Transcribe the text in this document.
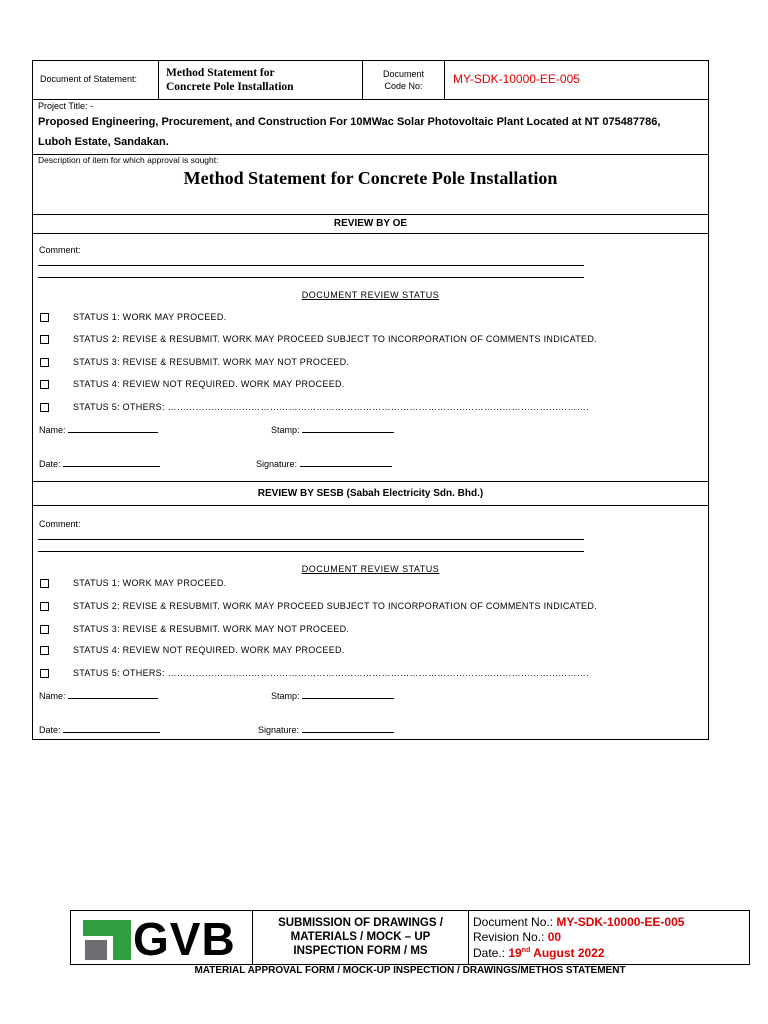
Document of Statement:	Method Statement for
Concrete Pole Installation
Document
Code No:	MY-SDK-10000-EE-005
Project Title: -
Proposed Engineering, Procurement, and Construction For 10MWac Solar Photovoltaic Plant Located at NT 075487786,
Luboh Estate, Sandakan.
Description of item for which approval is sought:
Method Statement for Concrete Pole Installation
REVIEW BY OE
Comment:
DOCUMENT REVIEW STATUS
STATUS 1: WORK MAY PROCEED.
STATUS 2: REVISE & RESUBMIT. WORK MAY PROCEED SUBJECT TO INCORPORATION OF COMMENTS INDICATED.
STATUS 3: REVISE & RESUBMIT. WORK MAY NOT PROCEED.
STATUS 4: REVIEW NOT REQUIRED. WORK MAY PROCEED.
STATUS 5: OTHERS: ……………………………………………………………………………………………………………………….
Name:	Stamp:
Date:	Signature:
REVIEW BY SESB (Sabah Electricity Sdn. Bhd.)
Comment:
DOCUMENT REVIEW STATUS
STATUS 1: WORK MAY PROCEED.
STATUS 2: REVISE & RESUBMIT. WORK MAY PROCEED SUBJECT TO INCORPORATION OF COMMENTS INDICATED.
STATUS 3: REVISE & RESUBMIT. WORK MAY NOT PROCEED.
STATUS 4: REVIEW NOT REQUIRED. WORK MAY PROCEED.
STATUS 5: OTHERS: ……………………………………………………………………………………………………………………….
Name:	Stamp:
Date:	Signature:
GVB	SUBMISSION OF DRAWINGS /
MATERIALS / MOCK – UP
INSPECTION FORM / MS
Document No.: MY-SDK-10000-EE-005
Revision No.: 00
Date.: 19nd August 2022
MATERIAL APPROVAL FORM / MOCK-UP INSPECTION / DRAWINGS/METHOS STATEMENT
